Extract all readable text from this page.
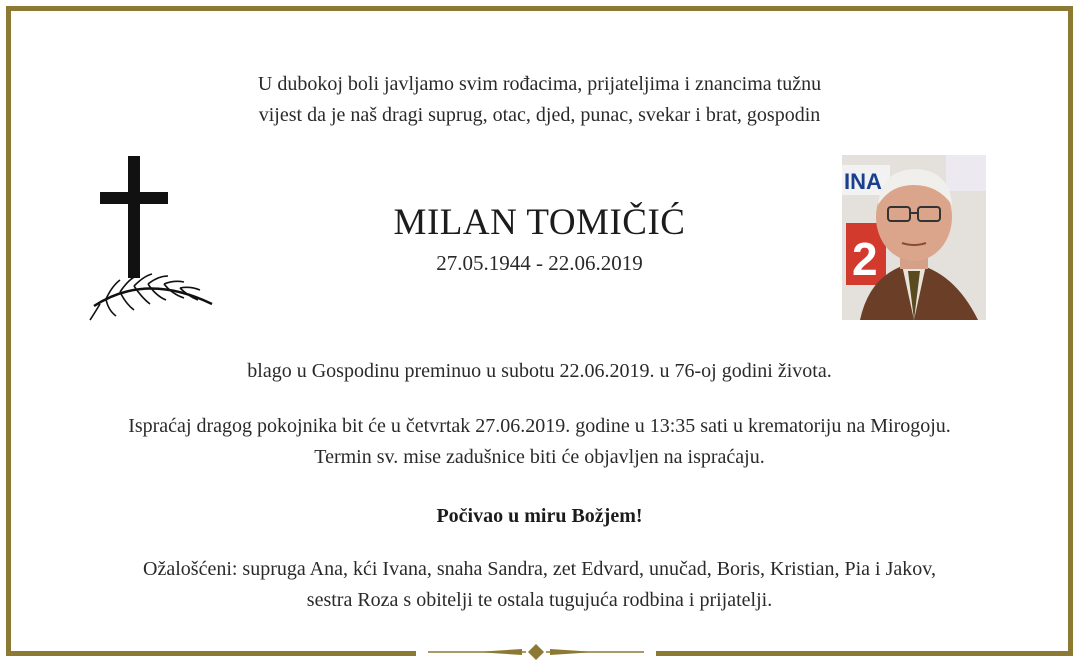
U dubokoj boli javljamo svim rođacima, prijateljima i znancima tužnu
vijest da je naš dragi suprug, otac, djed, punac, svekar i brat, gospodin
MILAN TOMIČIĆ
27.05.1944 - 22.06.2019
INA
2
blago u Gospodinu preminuo u subotu 22.06.2019. u 76-oj godini života.
Ispraćaj dragog pokojnika bit će u četvrtak 27.06.2019. godine u 13:35 sati u krematoriju na Mirogoju.
Termin sv. mise zadušnice biti će objavljen na ispraćaju.
Počivao u miru Božjem!
Ožalošćeni: supruga Ana, kći Ivana, snaha Sandra, zet Edvard, unučad, Boris, Kristian, Pia i Jakov,
sestra Roza s obitelji te ostala tugujuća rodbina i prijatelji.
